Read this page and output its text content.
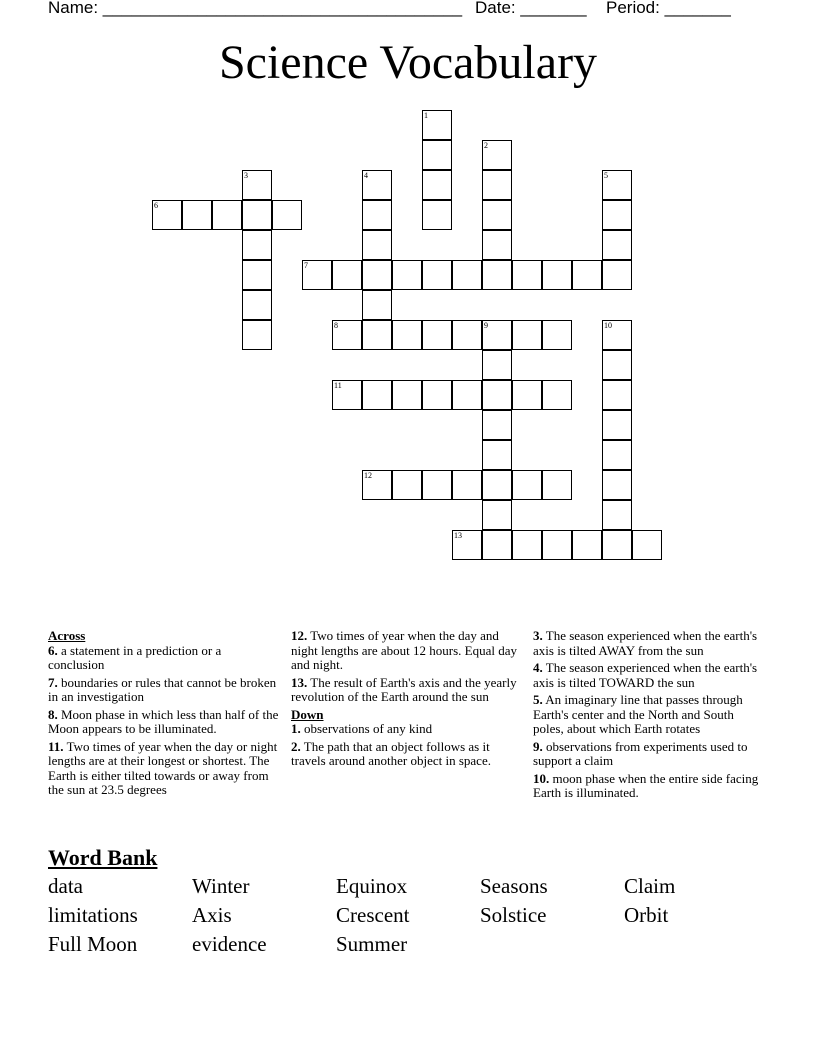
Name: ______________________________________ Date: _______ Period: _______
Science Vocabulary
1
2
3	4	5
6
7
8	9	10
11
12
13
Across
6. a statement in a prediction or a conclusion
7. boundaries or rules that cannot be broken in an investigation
8. Moon phase in which less than half of the Moon appears to be illuminated.
11. Two times of year when the day or night lengths are at their longest or shortest. The Earth is either tilted towards or away from the sun at 23.5 degrees
12. Two times of year when the day and night lengths are about 12 hours. Equal day and night.
13. The result of Earth's axis and the yearly revolution of the Earth around the sun
Down
1. observations of any kind
2. The path that an object follows as it travels around another object in space.
3. The season experienced when the earth's axis is tilted AWAY from the sun
4. The season experienced when the earth's axis is tilted TOWARD the sun
5. An imaginary line that passes through Earth's center and the North and South poles, about which Earth rotates
9. observations from experiments used to support a claim
10. moon phase when the entire side facing Earth is illuminated.
Word Bank
data	Winter	Equinox	Seasons	Claim
limitations	Axis	Crescent	Solstice	Orbit
Full Moon	evidence	Summer
